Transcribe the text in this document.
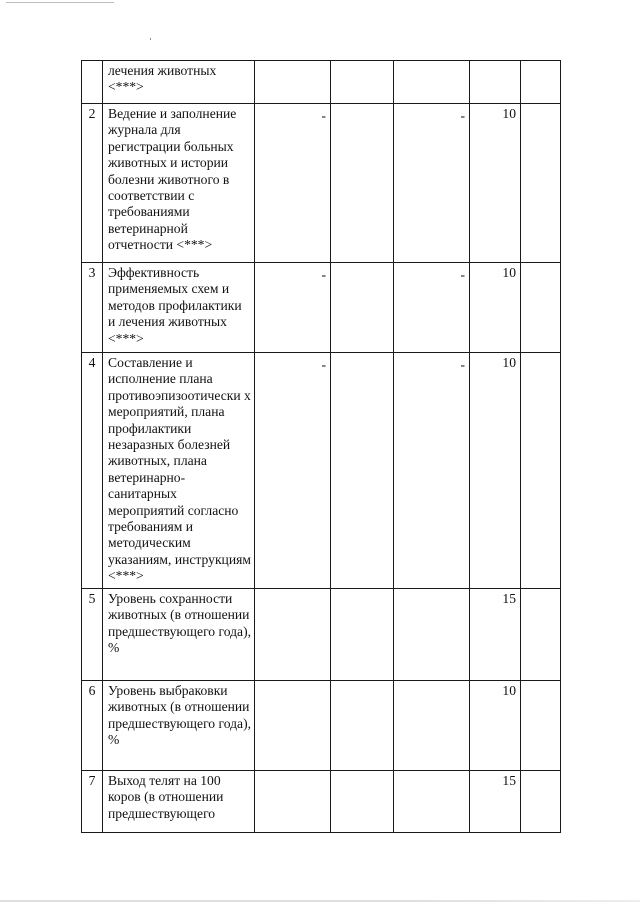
	лечения животных <***>					
2	Ведение и заполнение журнала для регистрации больных животных и истории болезни животного в соответствии с требованиями ветеринарной отчетности <***>	-		-	10	
3	Эффективность применяемых схем и методов профилактики и лечения животных <***>	-		-	10	
4	Составление и исполнение плана противоэпизоотически х мероприятий, плана профилактики незаразных болезней животных, плана ветеринарно-санитарных мероприятий согласно требованиям и методическим указаниям, инструкциям <***>	-		-	10	
5	Уровень сохранности животных (в отношении предшествующего года), %				15	
6	Уровень выбраковки животных (в отношении предшествующего года), %				10	
7	Выход телят на 100 коров (в отношении предшествующего				15	
